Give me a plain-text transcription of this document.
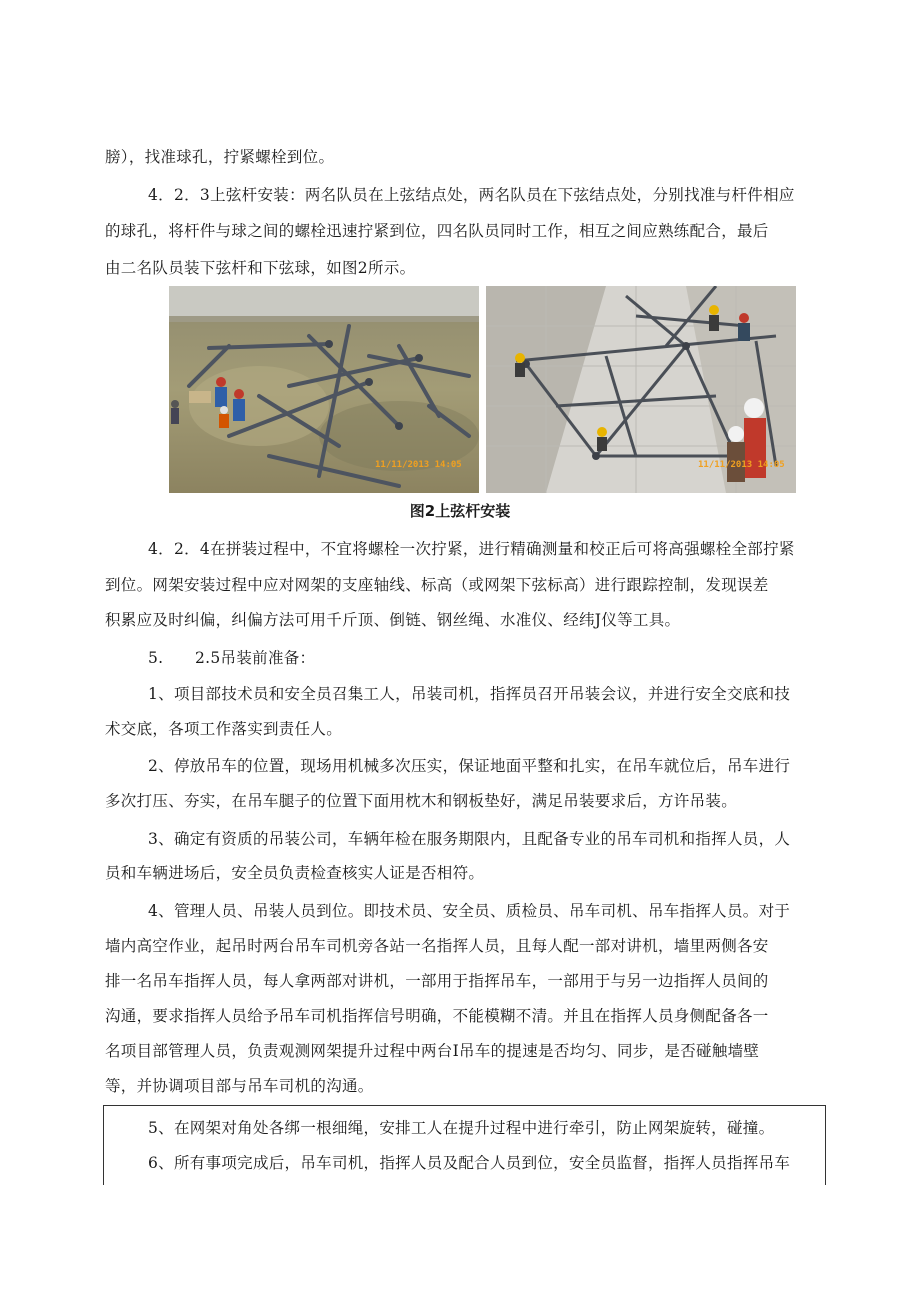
膀），找准球孔，拧紧螺栓到位。

4．2．3上弦杆安装：两名队员在上弦结点处，两名队员在下弦结点处，分别找准与杆件相应

的球孔，将杆件与球之间的螺栓迅速拧紧到位，四名队员同时工作，相互之间应熟练配合，最后

由二名队员装下弦杆和下弦球，如图2所示。

11/11/2013 14:05	11/11/2013 14:05

图2上弦杆安装

4．2．4在拼装过程中，不宜将螺栓一次拧紧，进行精确测量和校正后可将高强螺栓全部拧紧

到位。网架安装过程中应对网架的支座轴线、标高（或网架下弦标高）进行跟踪控制，发现误差

积累应及时纠偏，纠偏方法可用千斤顶、倒链、钢丝绳、水准仪、经纬J仪等工具。

5.　　2.5吊装前准备：

1、项目部技术员和安全员召集工人，吊装司机，指挥员召开吊装会议，并进行安全交底和技

术交底，各项工作落实到责任人。

2、停放吊车的位置，现场用机械多次压实，保证地面平整和扎实，在吊车就位后，吊车进行

多次打压、夯实，在吊车腿子的位置下面用枕木和钢板垫好，满足吊装要求后，方许吊装。

3、确定有资质的吊装公司，车辆年检在服务期限内，且配备专业的吊车司机和指挥人员，人

员和车辆进场后，安全员负责检查核实人证是否相符。

4、管理人员、吊装人员到位。即技术员、安全员、质检员、吊车司机、吊车指挥人员。对于

墙内高空作业，起吊时两台吊车司机旁各站一名指挥人员，且每人配一部对讲机，墙里两侧各安

排一名吊车指挥人员，每人拿两部对讲机，一部用于指挥吊车，一部用于与另一边指挥人员间的

沟通，要求指挥人员给予吊车司机指挥信号明确，不能模糊不清。并且在指挥人员身侧配备各一

名项目部管理人员，负责观测网架提升过程中两台I吊车的提速是否均匀、同步，是否碰触墙壁

等，并协调项目部与吊车司机的沟通。

5、在网架对角处各绑一根细绳，安排工人在提升过程中进行牵引，防止网架旋转，碰撞。

6、所有事项完成后，吊车司机，指挥人员及配合人员到位，安全员监督，指挥人员指挥吊车
